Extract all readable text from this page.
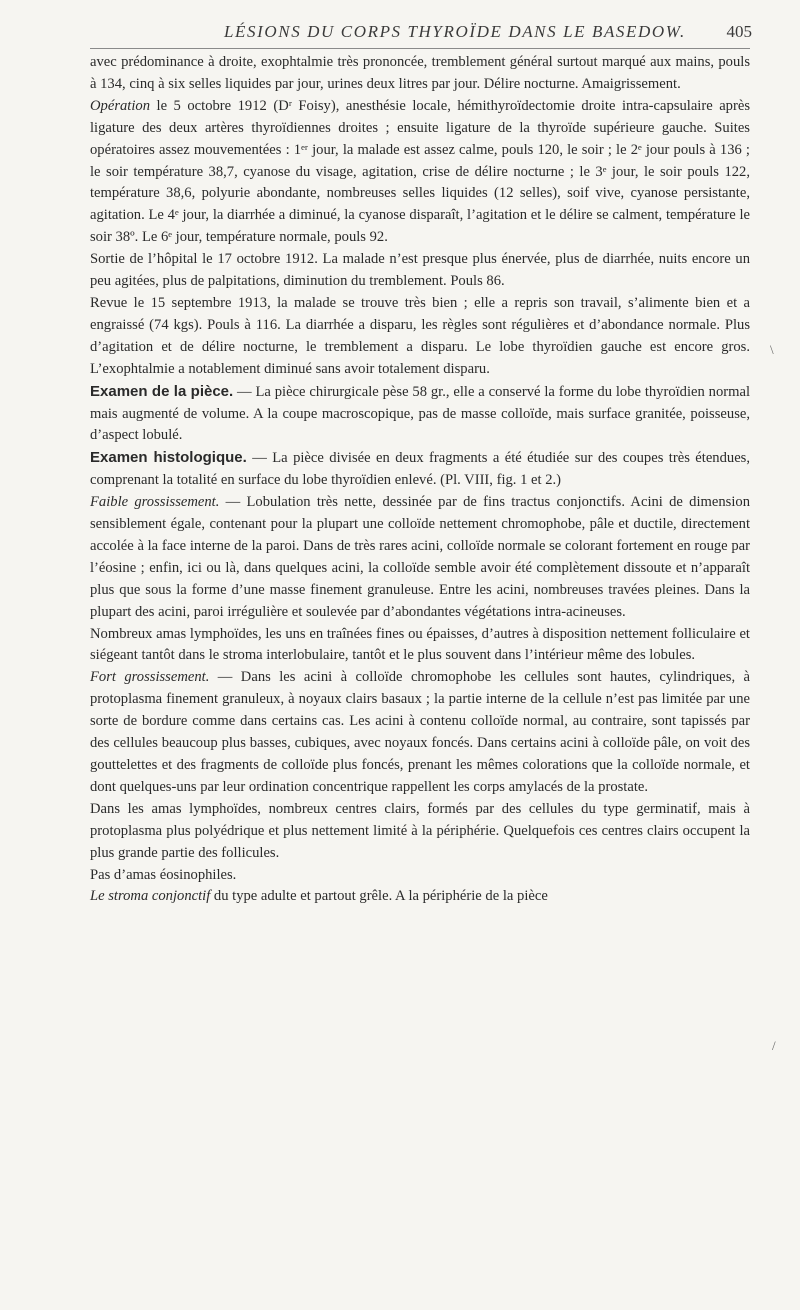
LÉSIONS DU CORPS THYROÏDE DANS LE BASEDOW. 405

avec prédominance à droite, exophtalmie très prononcée, tremblement général surtout marqué aux mains, pouls à 134, cinq à six selles liquides par jour, urines deux litres par jour. Délire nocturne. Amaigrissement.

Opération le 5 octobre 1912 (Dʳ Foisy), anesthésie locale, hémithyroïdectomie droite intra-capsulaire après ligature des deux artères thyroïdiennes droites ; ensuite ligature de la thyroïde supérieure gauche. Suites opératoires assez mouvementées : 1ᵉʳ jour, la malade est assez calme, pouls 120, le soir ; le 2ᵉ jour pouls à 136 ; le soir température 38,7, cyanose du visage, agitation, crise de délire nocturne ; le 3ᵉ jour, le soir pouls 122, température 38,6, polyurie abondante, nombreuses selles liquides (12 selles), soif vive, cyanose persistante, agitation. Le 4ᵉ jour, la diarrhée a diminué, la cyanose disparaît, l’agitation et le délire se calment, température le soir 38º. Le 6ᵉ jour, température normale, pouls 92.

Sortie de l’hôpital le 17 octobre 1912. La malade n’est presque plus énervée, plus de diarrhée, nuits encore un peu agitées, plus de palpitations, diminution du tremblement. Pouls 86.

Revue le 15 septembre 1913, la malade se trouve très bien ; elle a repris son travail, s’alimente bien et a engraissé (74 kgs). Pouls à 116. La diarrhée a disparu, les règles sont régulières et d’abondance normale. Plus d’agitation et de délire nocturne, le tremblement a disparu. Le lobe thyroïdien gauche est encore gros. L’exophtalmie a notablement diminué sans avoir totalement disparu.

Examen de la pièce. — La pièce chirurgicale pèse 58 gr., elle a conservé la forme du lobe thyroïdien normal mais augmenté de volume. A la coupe macroscopique, pas de masse colloïde, mais surface granitée, poisseuse, d’aspect lobulé.

Examen histologique. — La pièce divisée en deux fragments a été étudiée sur des coupes très étendues, comprenant la totalité en surface du lobe thyroïdien enlevé. (Pl. VIII, fig. 1 et 2.)

Faible grossissement. — Lobulation très nette, dessinée par de fins tractus conjonctifs. Acini de dimension sensiblement égale, contenant pour la plupart une colloïde nettement chromophobe, pâle et ductile, directement accolée à la face interne de la paroi. Dans de très rares acini, colloïde normale se colorant fortement en rouge par l’éosine ; enfin, ici ou là, dans quelques acini, la colloïde semble avoir été complètement dissoute et n’apparaît plus que sous la forme d’une masse finement granuleuse. Entre les acini, nombreuses travées pleines. Dans la plupart des acini, paroi irrégulière et soulevée par d’abondantes végétations intra-acineuses.

Nombreux amas lymphoïdes, les uns en traînées fines ou épaisses, d’autres à disposition nettement folliculaire et siégeant tantôt dans le stroma interlobulaire, tantôt et le plus souvent dans l’intérieur même des lobules.

Fort grossissement. — Dans les acini à colloïde chromophobe les cellules sont hautes, cylindriques, à protoplasma finement granuleux, à noyaux clairs basaux ; la partie interne de la cellule n’est pas limitée par une sorte de bordure comme dans certains cas. Les acini à contenu colloïde normal, au contraire, sont tapissés par des cellules beaucoup plus basses, cubiques, avec noyaux foncés. Dans certains acini à colloïde pâle, on voit des gouttelettes et des fragments de colloïde plus foncés, prenant les mêmes colorations que la colloïde normale, et dont quelques-uns par leur ordination concentrique rappellent les corps amylacés de la prostate.

Dans les amas lymphoïdes, nombreux centres clairs, formés par des cellules du type germinatif, mais à protoplasma plus polyédrique et plus nettement limité à la périphérie. Quelquefois ces centres clairs occupent la plus grande partie des follicules.

Pas d’amas éosinophiles.

Le stroma conjonctif du type adulte et partout grêle. A la périphérie de la pièce

\
/
